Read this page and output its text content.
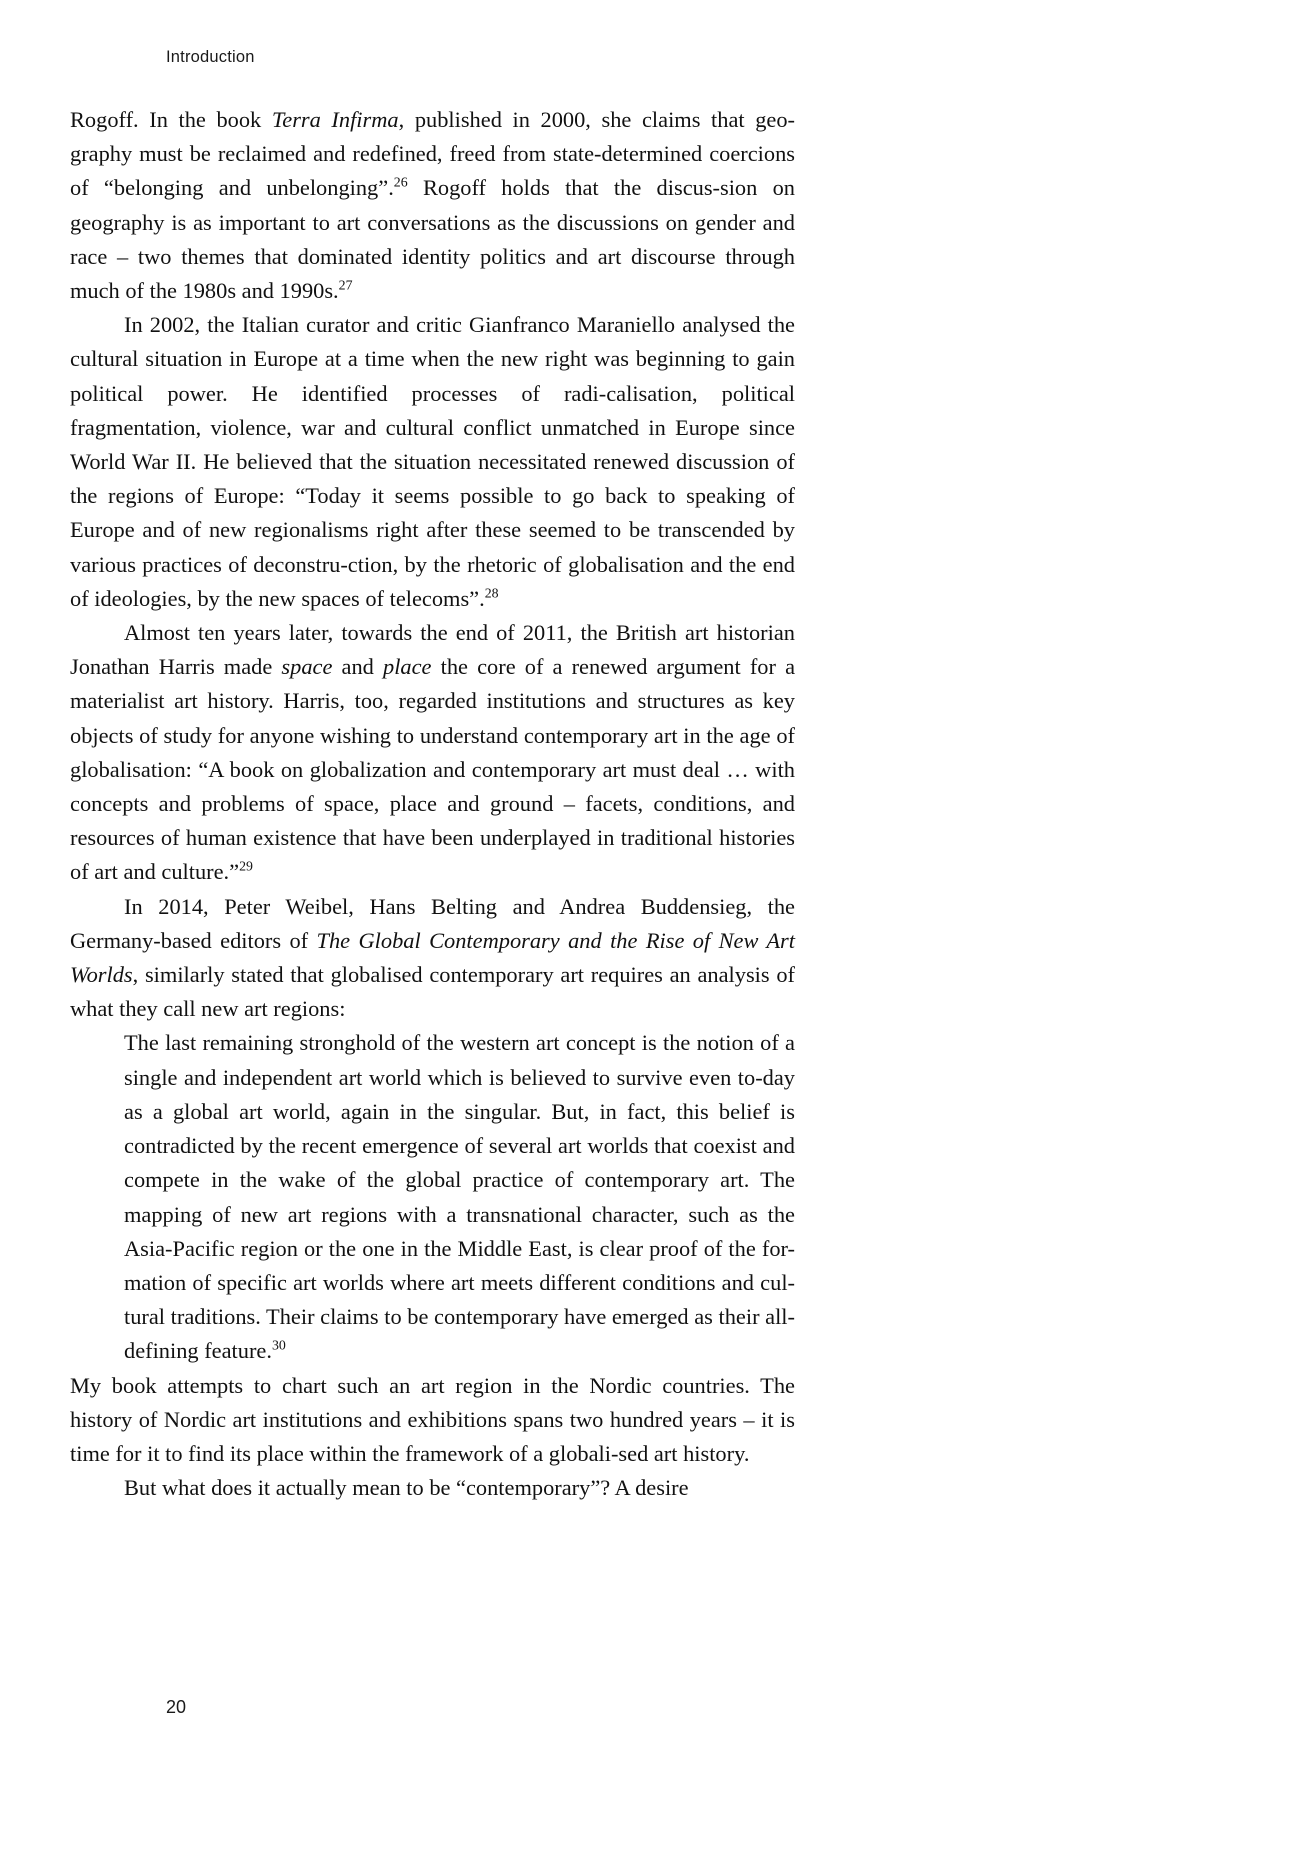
Introduction

Rogoff. In the book Terra Infirma, published in 2000, she claims that geo-graphy must be reclaimed and redefined, freed from state-determined coercions of “belonging and unbelonging”.$^{26}$ Rogoff holds that the discus-sion on geography is as important to art conversations as the discussions on gender and race – two themes that dominated identity politics and art discourse through much of the 1980s and 1990s.$^{27}$

In 2002, the Italian curator and critic Gianfranco Maraniello analysed the cultural situation in Europe at a time when the new right was beginning to gain political power. He identified processes of radi-calisation, political fragmentation, violence, war and cultural conflict unmatched in Europe since World War II. He believed that the situation necessitated renewed discussion of the regions of Europe: “Today it seems possible to go back to speaking of Europe and of new regionalisms right after these seemed to be transcended by various practices of deconstru-ction, by the rhetoric of globalisation and the end of ideologies, by the new spaces of telecoms”.$^{28}$

Almost ten years later, towards the end of 2011, the British art historian Jonathan Harris made space and place the core of a renewed argument for a materialist art history. Harris, too, regarded institutions and structures as key objects of study for anyone wishing to understand contemporary art in the age of globalisation: “A book on globalization and contemporary art must deal … with concepts and problems of space, place and ground – facets, conditions, and resources of human existence that have been underplayed in traditional histories of art and culture.”$^{29}$

In 2014, Peter Weibel, Hans Belting and Andrea Buddensieg, the Germany-based editors of The Global Contemporary and the Rise of New Art Worlds, similarly stated that globalised contemporary art requires an analysis of what they call new art regions:

The last remaining stronghold of the western art concept is the notion of a single and independent art world which is believed to survive even to-day as a global art world, again in the singular. But, in fact, this belief is contradicted by the recent emergence of several art worlds that coexist and compete in the wake of the global practice of contemporary art. The mapping of new art regions with a transnational character, such as the Asia-Pacific region or the one in the Middle East, is clear proof of the for-mation of specific art worlds where art meets different conditions and cul-tural traditions. Their claims to be contemporary have emerged as their all-defining feature.$^{30}$

My book attempts to chart such an art region in the Nordic countries. The history of Nordic art institutions and exhibitions spans two hundred years – it is time for it to find its place within the framework of a globali-sed art history.

But what does it actually mean to be “contemporary”? A desire

20
